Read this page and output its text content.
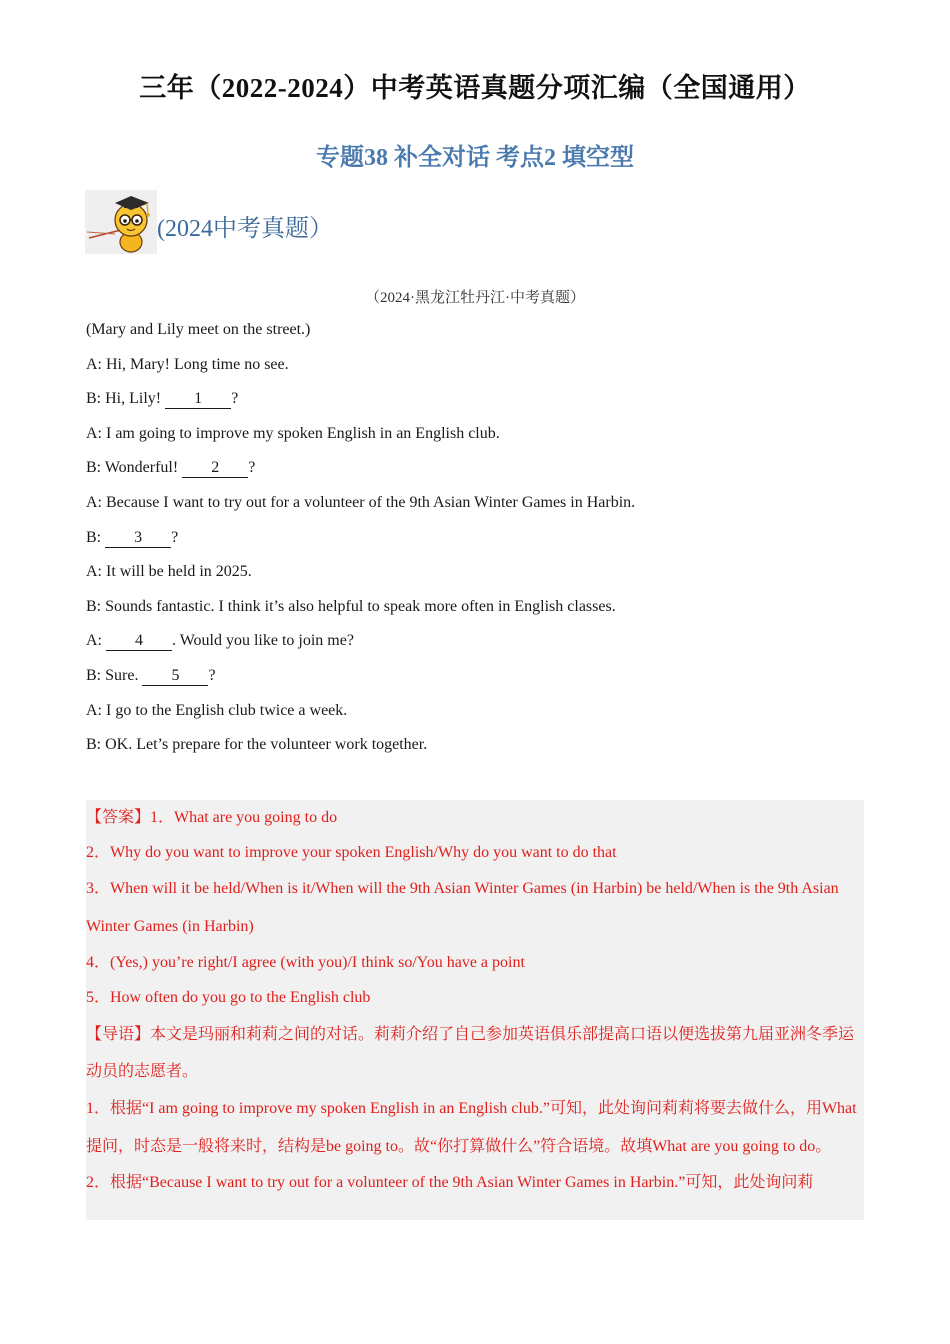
三年（2022-2024）中考英语真题分项汇编（全国通用）
专题38 补全对话 考点2 填空型
(2024中考真题）
（2024·黑龙江牡丹江·中考真题）
(Mary and Lily meet on the street.)
A: Hi, Mary! Long time no see.
B: Hi, Lily! 1 ?
A: I am going to improve my spoken English in an English club.
B: Wonderful! 2 ?
A: Because I want to try out for a volunteer of the 9th Asian Winter Games in Harbin.
B: 3 ?
A: It will be held in 2025.
B: Sounds fantastic. I think it’s also helpful to speak more often in English classes.
A: 4 . Would you like to join me?
B: Sure. 5 ?
A: I go to the English club twice a week.
B: OK. Let’s prepare for the volunteer work together.
【答案】1．What are you going to do
2．Why do you want to improve your spoken English/Why do you want to do that
3．When will it be held/When is it/When will the 9th Asian Winter Games (in Harbin) be held/When is the 9th Asian Winter Games (in Harbin)
4．(Yes,) you’re right/I agree (with you)/I think so/You have a point
5．How often do you go to the English club
【导语】本文是玛丽和莉莉之间的对话。莉莉介绍了自己参加英语俱乐部提高口语以便选拔第九届亚洲冬季运动员的志愿者。
1．根据“I am going to improve my spoken English in an English club.”可知，此处询问莉莉将要去做什么，用What提问，时态是一般将来时，结构是be going to。故“你打算做什么”符合语境。故填What are you going to do。
2．根据“Because I want to try out for a volunteer of the 9th Asian Winter Games in Harbin.”可知，此处询问莉
